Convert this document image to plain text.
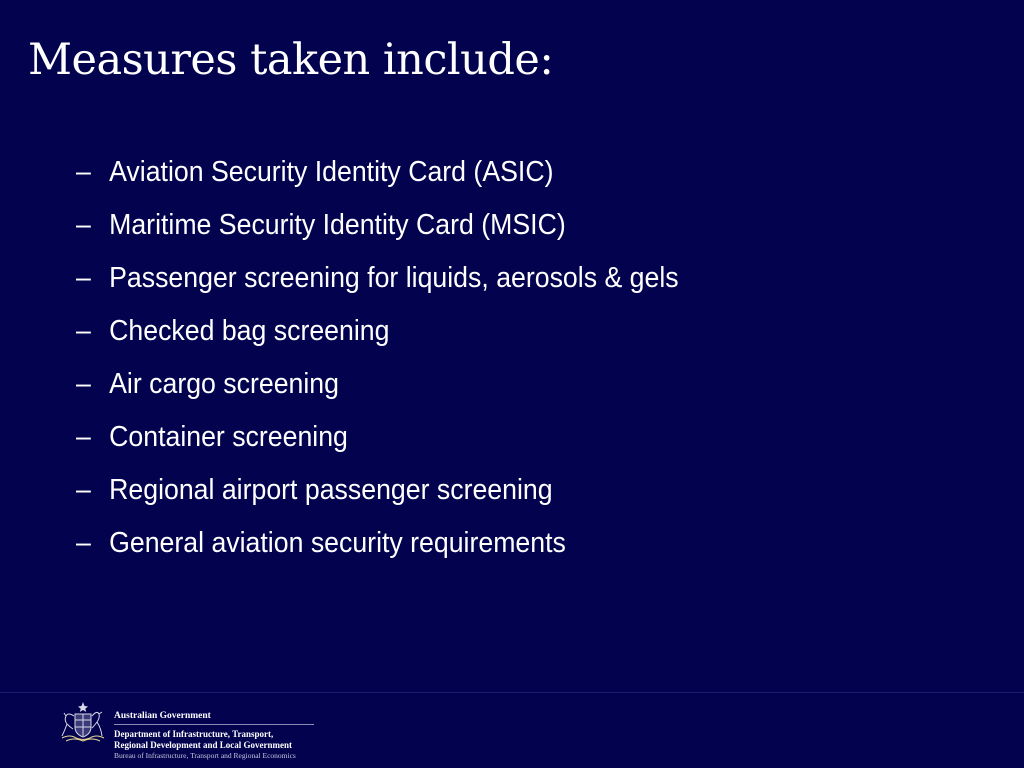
Measures taken include:
– Aviation Security Identity Card (ASIC)
– Maritime Security Identity Card (MSIC)
– Passenger screening for liquids, aerosols & gels
– Checked bag screening
– Air cargo screening
– Container screening
– Regional airport passenger screening
– General aviation security requirements
Australian Government
Department of Infrastructure, Transport,
Regional Development and Local Government
Bureau of Infrastructure, Transport and Regional Economics
